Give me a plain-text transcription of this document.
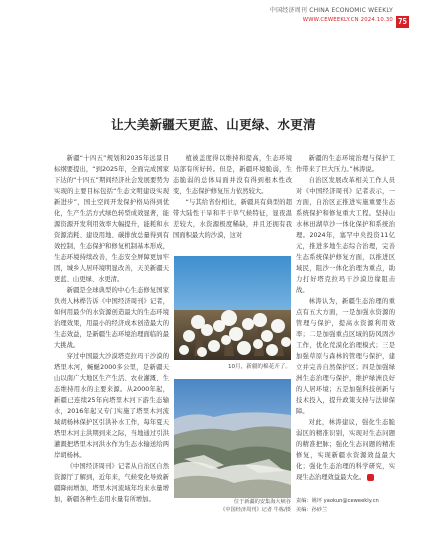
中国经济周刊 CHINA ECONOMIC WEEKLY
WWW.CEWEEKLY.CN 2024.10.30 75
让大美新疆天更蓝、山更绿、水更清

新疆“十四五”规划和2035年远景目标纲要提出，“到2025年，全面完成国家下达的“十四五”期间经济社会发展要势为实现的主要目标包括“生态文明建设实现新进步”，国土空间开发保护格局得到优化，生产生活方式绿色转型成效显著，能源资源开发利用效率大幅提升，能耗和水资源消耗、建设用地、碳排放总量得到有效控制，生态保护和修复机制基本形成，生态环境持续改善，生态安全屏障更加牢固，城乡人居环境明显改善，天美新疆天更蓝、山更绿、水更清。

新疆是全球典型的中心生态修复国家负责人林桦告诉《中国经济周刊》记者，如何用最少的水资源创造最大的生态环境治理效果，用最小的经济成本创造最大的生态效益，是新疆生态环境治理面临的最大挑战。

穿过中国最大沙漠塔克拉玛干沙漠的塔里木河，蜿蜒2000多公里，是新疆天山以南广大地区生产生活、农业灌溉、生态维持用水的主要来源。从2000年起，新疆已连续25年向塔里木河下游生态输水，2016年起又专门实施了塔里木河流域胡杨林保护区引洪补水工作，每年夏天塔里木河主洪期到来之际，当地通过引洪灌溉把塔里木河洪水作为生态水输送给两岸胡杨林。

《中国经济周刊》记者从自治区自然资源厅了解到，近年来，气候变化导致新疆降雨增加，塔里木河流域年均来水量增加，新疆各种生态用水量有所增加。

植被盖度得以维持和提高，生态环境局部有所好转。但是，新疆环境脆弱，生态脆弱的总体局面并没有得到根本性改变，生态保护修复压力依然较大。

“与其给省份相比，新疆具有典型的超带大陆性干旱和半干草气候特征，显夜温差较大，水资源极度稀缺，并且还拥有我国面积最大的沙漠，这对

10月，新疆的棉花开了。
位于新疆的安集海大峡谷
《中国经济周刊》记者 牛栋/摄

新疆的生态环境治理与保护工作带来了巨大压力。”林涛说。

自治区发展改革相关工作人员对《中国经济周刊》记者表示，一方面，自治区正推进实施重要生态系统保护和修复重大工程。坚持山水林田湖草沙一体化保护和系统治理。2024年，塞罕中央投资11亿元，推进多地生态综合治理，完善生态系统保护修复方面，以推进区域民，阻沙一体化治理为重点，助力打好塔克拉玛干沙漠边缘阻击战。

林涛认为，新疆生态治理的重点有五大方面，一是加强水资源的管理与保护，提高水资源利用效率；二是加强重点区域的防风固沙工作，优化荒漠化治理模式；三是加强草原与森林的管理与保护，建立并完善自然保护区；四是加强绿洲生态治理与保护，维护绿洲良好的人居环境；五是加强科技创新与技术投入，提升政策支持与法律保障。

对此，林涛建议，强化生态脆弱区的精准识别，实现对生态问题的精准把脉；强化生态问题的精准修复，实现新疆水资源效益最大化；强化生态治理的科学研究，实现生态治理效益最大化。

责编：姚坪 yaokun@ceweekly.cn
美编：孙砂兰
